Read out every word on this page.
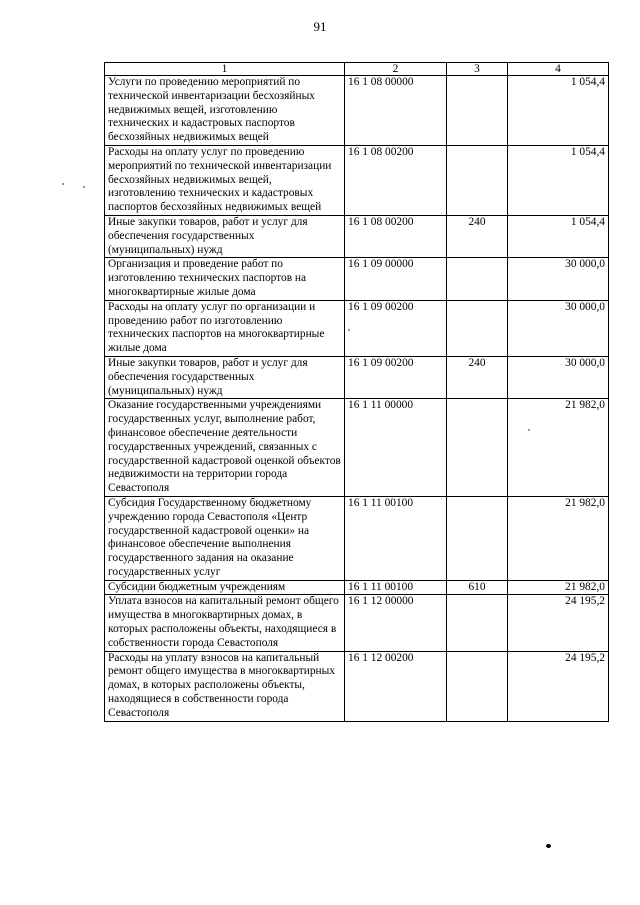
91
1	2	3	4
Услуги по проведению мероприятий по технической инвентаризации бесхозяйных недвижимых вещей, изготовлению технических и кадастровых паспортов бесхозяйных недвижимых вещей	16 1 08 00000		1 054,4
Расходы на оплату услуг по проведению мероприятий по технической инвентаризации бесхозяйных недвижимых вещей, изготовлению технических и кадастровых паспортов бесхозяйных недвижимых вещей	16 1 08 00200		1 054,4
Иные закупки товаров, работ и услуг для обеспечения государственных (муниципальных) нужд	16 1 08 00200	240	1 054,4
Организация и проведение работ по изготовлению технических паспортов на многоквартирные жилые дома	16 1 09 00000		30 000,0
Расходы на оплату услуг по организации и проведению работ по изготовлению технических паспортов на многоквартирные жилые дома	16 1 09 00200		30 000,0
Иные закупки товаров, работ и услуг для обеспечения государственных (муниципальных) нужд	16 1 09 00200	240	30 000,0
Оказание государственными учреждениями государственных услуг, выполнение работ, финансовое обеспечение деятельности государственных учреждений, связанных с государственной кадастровой оценкой объектов недвижимости на территории города Севастополя	16 1 11 00000		21 982,0
Субсидия Государственному бюджетному учреждению города Севастополя «Центр государственной кадастровой оценки» на финансовое обеспечение выполнения государственного задания на оказание государственных услуг	16 1 11 00100		21 982,0
Субсидии бюджетным учреждениям	16 1 11 00100	610	21 982,0
Уплата взносов на капитальный ремонт общего имущества в многоквартирных домах, в которых расположены объекты, находящиеся в собственности города Севастополя	16 1 12 00000		24 195,2
Расходы на уплату взносов на капитальный ремонт общего имущества в многоквартирных домах, в которых расположены объекты, находящиеся в собственности города Севастополя	16 1 12 00200		24 195,2
